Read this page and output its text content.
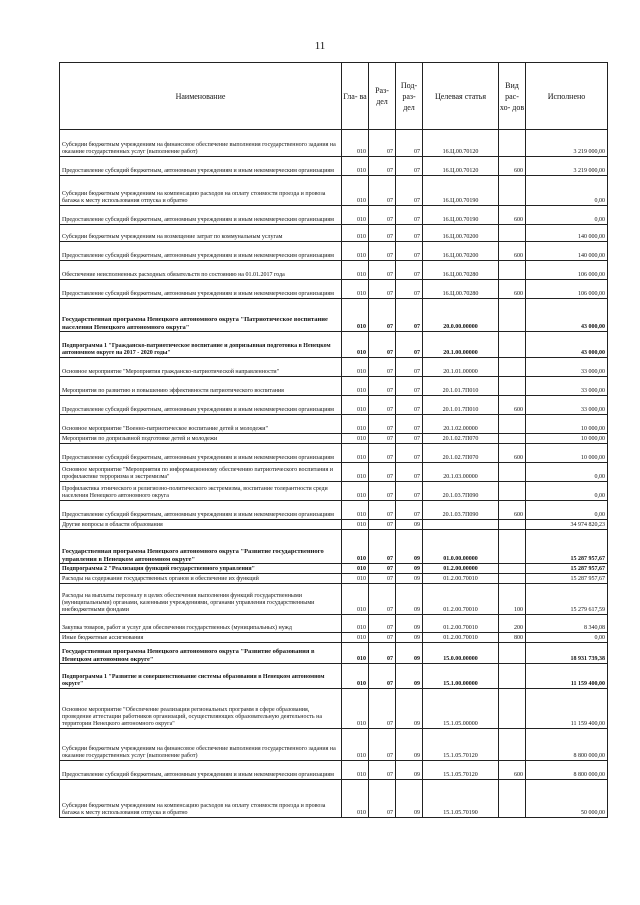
11
Наименование	Гла- ва	Раз- дел	Под- раз- дел	Целевая статья	Вид рас- хо- дов	Исполнено
Субсидии бюджетным учреждениям на финансовое обеспечение выполнения государственного задания на оказание государственных услуг (выполнение работ)	010	07	07	16.Ц.00.70120		3 219 000,00
Предоставление субсидий бюджетным, автономным учреждениям и иным некоммерческим организациям	010	07	07	16.Ц.00.70120	600	3 219 000,00
Субсидии бюджетным учреждениям на компенсацию расходов на оплату стоимости проезда и провоза багажа к месту использования отпуска и обратно	010	07	07	16.Ц.00.70190		0,00
Предоставление субсидий бюджетным, автономным учреждениям и иным некоммерческим организациям	010	07	07	16.Ц.00.70190	600	0,00
Субсидии бюджетным учреждениям на возмещение затрат по коммунальным услугам	010	07	07	16.Ц.00.70200		140 000,00
Предоставление субсидий бюджетным, автономным учреждениям и иным некоммерческим организациям	010	07	07	16.Ц.00.70200	600	140 000,00
Обеспечение неисполненных расходных обязательств по состоянию на 01.01.2017 года	010	07	07	16.Ц.00.70280		106 000,00
Предоставление субсидий бюджетным, автономным учреждениям и иным некоммерческим организациям	010	07	07	16.Ц.00.70280	600	106 000,00
Государственная программа Ненецкого автономного округа "Патриотическое воспитание населения Ненецкого автономного округа"	010	07	07	20.0.00.00000		43 000,00
Подпрограмма 1 "Гражданско-патриотическое воспитание и допризывная подготовка в Ненецком автономном округе на 2017 - 2020 годы"	010	07	07	20.1.00.00000		43 000,00
Основное мероприятие "Мероприятия гражданско-патриотической направленности"	010	07	07	20.1.01.00000		33 000,00
Мероприятия по развитию и повышению эффективности патриотического воспитания	010	07	07	20.1.01.7П010		33 000,00
Предоставление субсидий бюджетным, автономным учреждениям и иным некоммерческим организациям	010	07	07	20.1.01.7П010	600	33 000,00
Основное мероприятие "Военно-патриотическое воспитание детей и молодежи"	010	07	07	20.1.02.00000		10 000,00
Мероприятия по допризывной подготовке детей и молодежи	010	07	07	20.1.02.7П070		10 000,00
Предоставление субсидий бюджетным, автономным учреждениям и иным некоммерческим организациям	010	07	07	20.1.02.7П070	600	10 000,00
Основное мероприятие "Мероприятия по информационному обеспечению патриотического воспитания и профилактике терроризма и экстремизма"	010	07	07	20.1.03.00000		0,00
Профилактика этнического и религиозно-политического экстремизма, воспитание толерантности среди населения Ненецкого автономного округа	010	07	07	20.1.03.7П090		0,00
Предоставление субсидий бюджетным, автономным учреждениям и иным некоммерческим организациям	010	07	07	20.1.03.7П090	600	0,00
Другие вопросы в области образования	010	07	09			34 974 820,23
Государственная программа Ненецкого автономного округа "Развитие государственного управления в Ненецком автономном округе"	010	07	09	01.0.00.00000		15 287 957,67
Подпрограмма 2 "Реализация функций государственного управления"	010	07	09	01.2.00.00000		15 287 957,67
Расходы на содержание государственных органов и обеспечение их функций	010	07	09	01.2.00.70010		15 287 957,67
Расходы на выплаты персоналу в целях обеспечения выполнения функций государственными (муниципальными) органами, казенными учреждениями, органами управления государственными внебюджетными фондами	010	07	09	01.2.00.70010	100	15 279 617,59
Закупка товаров, работ и услуг для обеспечения государственных (муниципальных) нужд	010	07	09	01.2.00.70010	200	8 340,08
Иные бюджетные ассигнования	010	07	09	01.2.00.70010	800	0,00
Государственная программа Ненецкого автономного округа "Развитие образования в Ненецком автономном округе"	010	07	09	15.0.00.00000		18 931 739,38
Подпрограмма 1 "Развитие и совершенствование системы образования в Ненецком автономном округе"	010	07	09	15.1.00.00000		11 159 400,00
Основное мероприятие "Обеспечение реализации региональных программ в сфере образования, проведение аттестации работников организаций, осуществляющих образовательную деятельность на территории Ненецкого автономного округа"	010	07	09	15.1.05.00000		11 159 400,00
Субсидии бюджетным учреждениям на финансовое обеспечение выполнения государственного задания на оказание государственных услуг (выполнение работ)	010	07	09	15.1.05.70120		8 800 000,00
Предоставление субсидий бюджетным, автономным учреждениям и иным некоммерческим организациям	010	07	09	15.1.05.70120	600	8 800 000,00
Субсидии бюджетным учреждениям на компенсацию расходов на оплату стоимости проезда и провоза багажа к месту использования отпуска и обратно	010	07	09	15.1.05.70190		50 000,00
